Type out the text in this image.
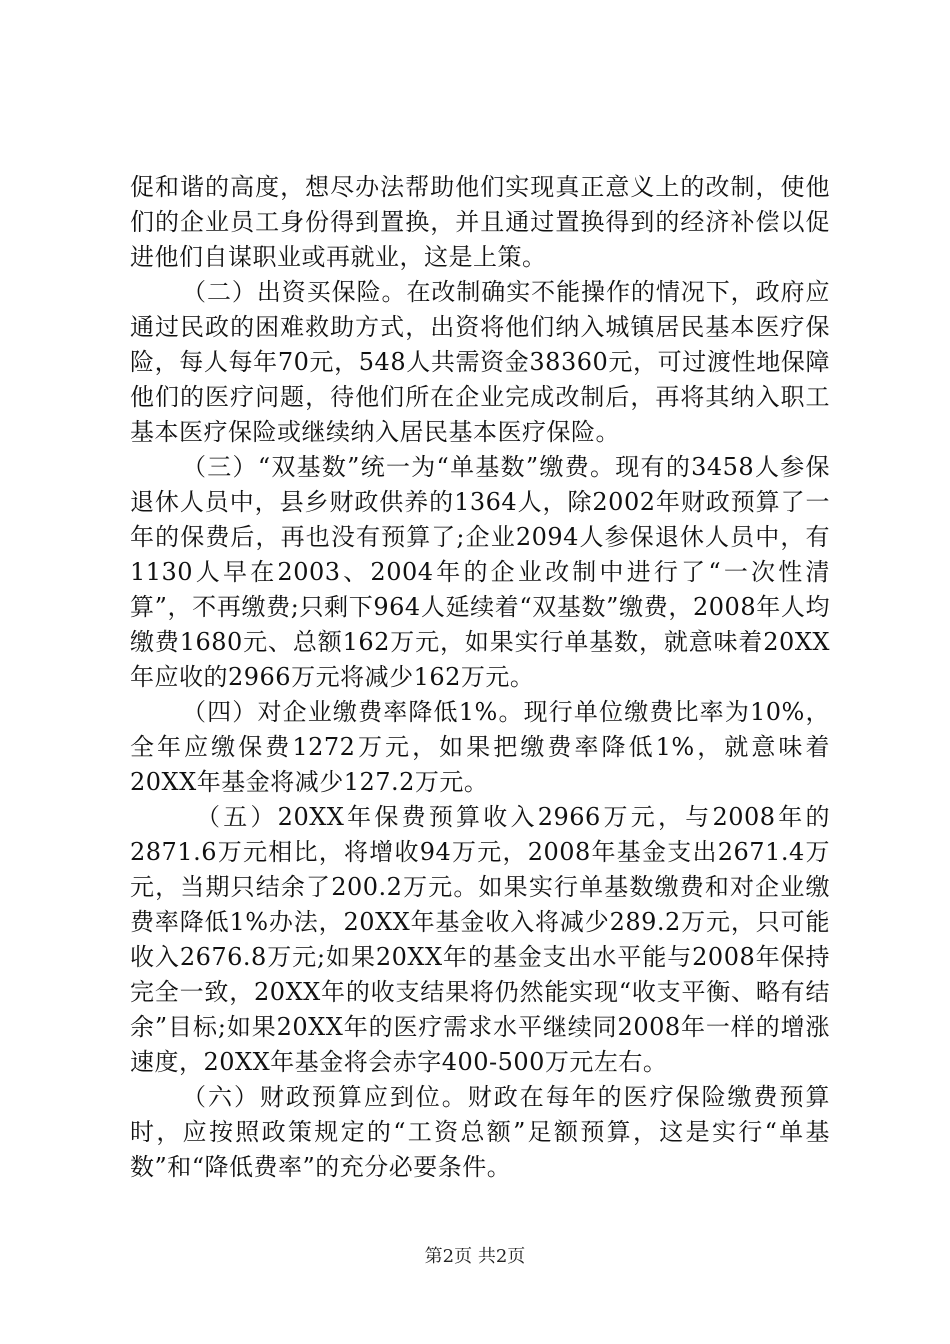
促和谐的高度，想尽办法帮助他们实现真正意义上的改制，使他们的企业员工身份得到置换，并且通过置换得到的经济补偿以促进他们自谋职业或再就业，这是上策。

（二）出资买保险。在改制确实不能操作的情况下，政府应通过民政的困难救助方式，出资将他们纳入城镇居民基本医疗保险，每人每年70元，548人共需资金38360元，可过渡性地保障他们的医疗问题，待他们所在企业完成改制后，再将其纳入职工基本医疗保险或继续纳入居民基本医疗保险。

（三）“双基数”统一为“单基数”缴费。现有的3458人参保退休人员中，县乡财政供养的1364人，除2002年财政预算了一年的保费后，再也没有预算了;企业2094人参保退休人员中，有1130人早在2003、2004年的企业改制中进行了“一次性清算”，不再缴费;只剩下964人延续着“双基数”缴费，2008年人均缴费1680元、总额162万元，如果实行单基数，就意味着20XX年应收的2966万元将减少162万元。

（四）对企业缴费率降低1%。现行单位缴费比率为10%，全年应缴保费1272万元，如果把缴费率降低1%，就意味着20XX年基金将减少127.2万元。

（五）20XX年保费预算收入2966万元，与2008年的2871.6万元相比，将增收94万元，2008年基金支出2671.4万元，当期只结余了200.2万元。如果实行单基数缴费和对企业缴费率降低1%办法，20XX年基金收入将减少289.2万元，只可能收入2676.8万元;如果20XX年的基金支出水平能与2008年保持完全一致，20XX年的收支结果将仍然能实现“收支平衡、略有结余”目标;如果20XX年的医疗需求水平继续同2008年一样的增涨速度，20XX年基金将会赤字400-500万元左右。

（六）财政预算应到位。财政在每年的医疗保险缴费预算时，应按照政策规定的“工资总额”足额预算，这是实行“单基数”和“降低费率”的充分必要条件。

第2页 共2页
